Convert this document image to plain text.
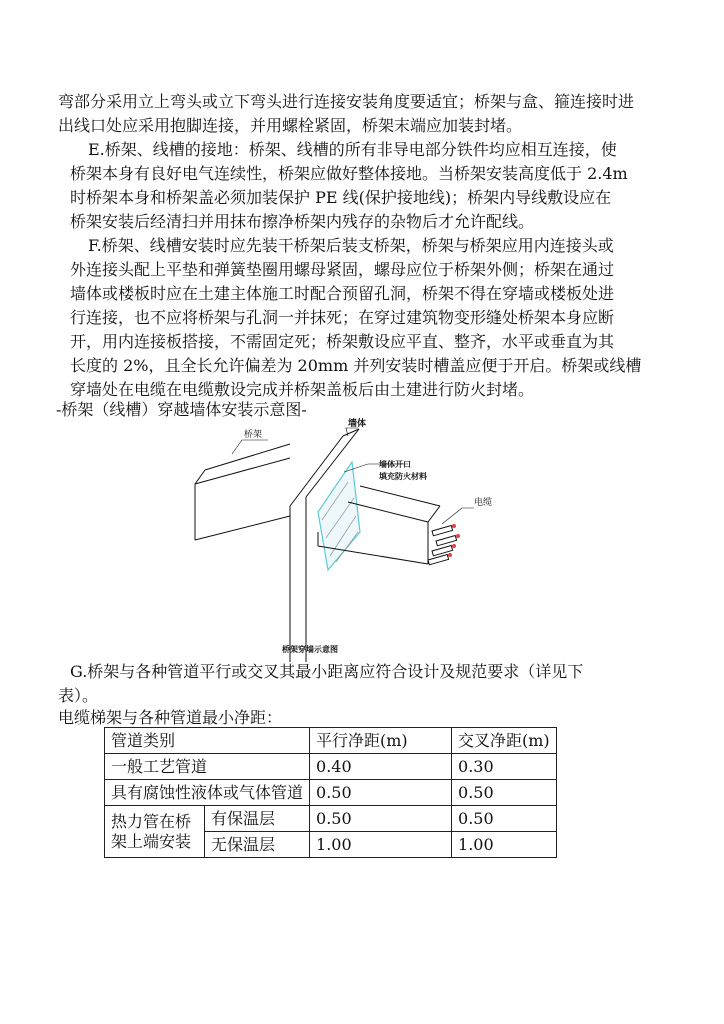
弯部分采用立上弯头或立下弯头进行连接安装角度要适宜；桥架与盒、箍连接时进
出线口处应采用抱脚连接，并用螺栓紧固，桥架末端应加装封堵。
E.桥架、线槽的接地：桥架、线槽的所有非导电部分铁件均应相互连接，使
桥架本身有良好电气连续性，桥架应做好整体接地。当桥架安装高度低于 2.4m
时桥架本身和桥架盖必须加装保护 PE 线(保护接地线)；桥架内导线敷设应在
桥架安装后经清扫并用抹布擦净桥架内残存的杂物后才允许配线。
F.桥架、线槽安装时应先装干桥架后装支桥架，桥架与桥架应用内连接头或
外连接头配上平垫和弹簧垫圈用螺母紧固，螺母应位于桥架外侧；桥架在通过
墙体或楼板时应在土建主体施工时配合预留孔洞，桥架不得在穿墙或楼板处进
行连接，也不应将桥架与孔洞一并抹死；在穿过建筑物变形缝处桥架本身应断
开，用内连接板搭接，不需固定死；桥架敷设应平直、整齐，水平或垂直为其
长度的 2%，且全长允许偏差为 20mm 并列安装时槽盖应便于开启。桥架或线槽
穿墙处在电缆在电缆敷设完成并桥架盖板后由土建进行防火封堵。
-桥架（线槽）穿越墙体安装示意图-
桥架
墙体
墙体开口
填充防火材料
电缆
桥架穿墙示意图
G.桥架与各种管道平行或交叉其最小距离应符合设计及规范要求（详见下
表）。
电缆梯架与各种管道最小净距：
管道类别		平行净距(m)	交叉净距(m)
一般工艺管道		0.40	0.30
具有腐蚀性液体或气体管道		0.50	0.50

热力管在桥
架上端安装	有保温层	0.50	0.50
	无保温层	1.00	1.00
